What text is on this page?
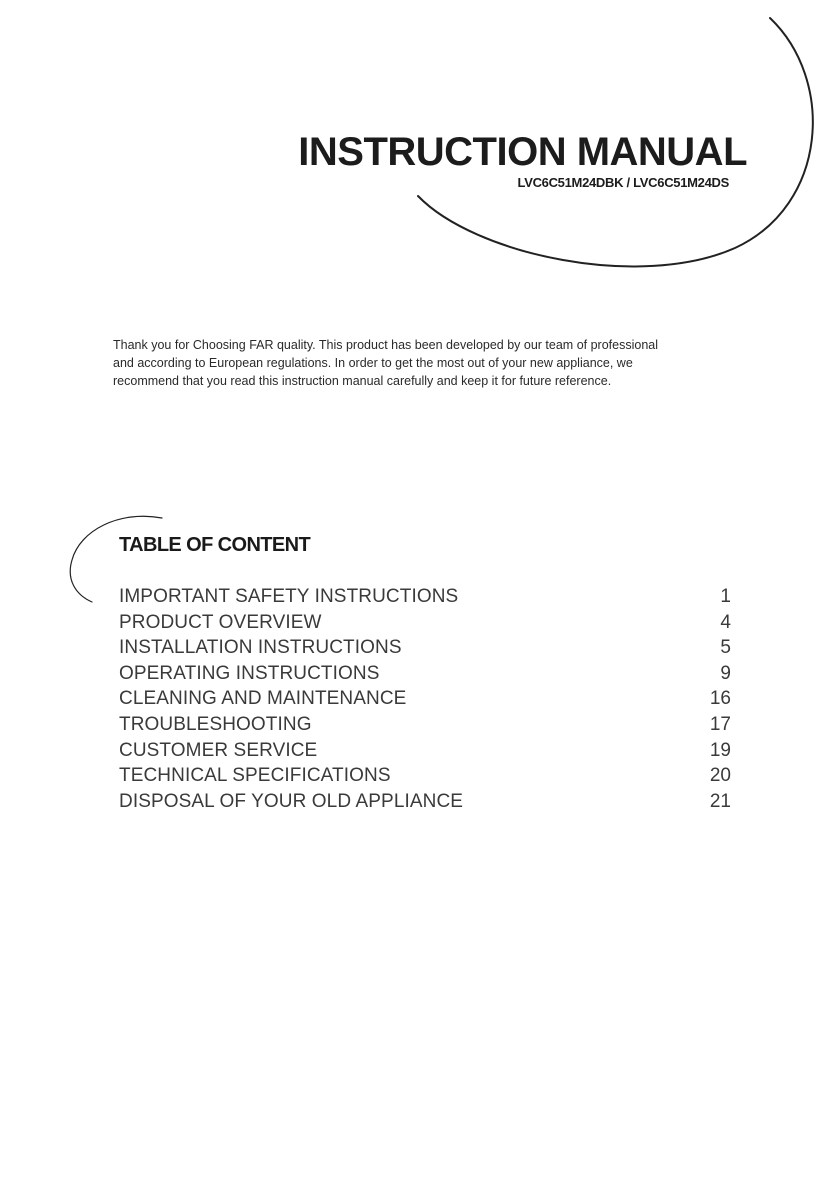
INSTRUCTION MANUAL
LVC6C51M24DBK / LVC6C51M24DS
Thank you for Choosing FAR quality. This product has been developed by our team of professional
and according to European regulations. In order to get the most out of your new appliance, we
recommend that you read this instruction manual carefully and keep it for future reference.
TABLE OF CONTENT
IMPORTANT SAFETY INSTRUCTIONS	1
PRODUCT OVERVIEW	4
INSTALLATION INSTRUCTIONS	5
OPERATING INSTRUCTIONS	9
CLEANING AND MAINTENANCE	16
TROUBLESHOOTING	17
CUSTOMER SERVICE	19
TECHNICAL SPECIFICATIONS	20
DISPOSAL OF YOUR OLD APPLIANCE	21
